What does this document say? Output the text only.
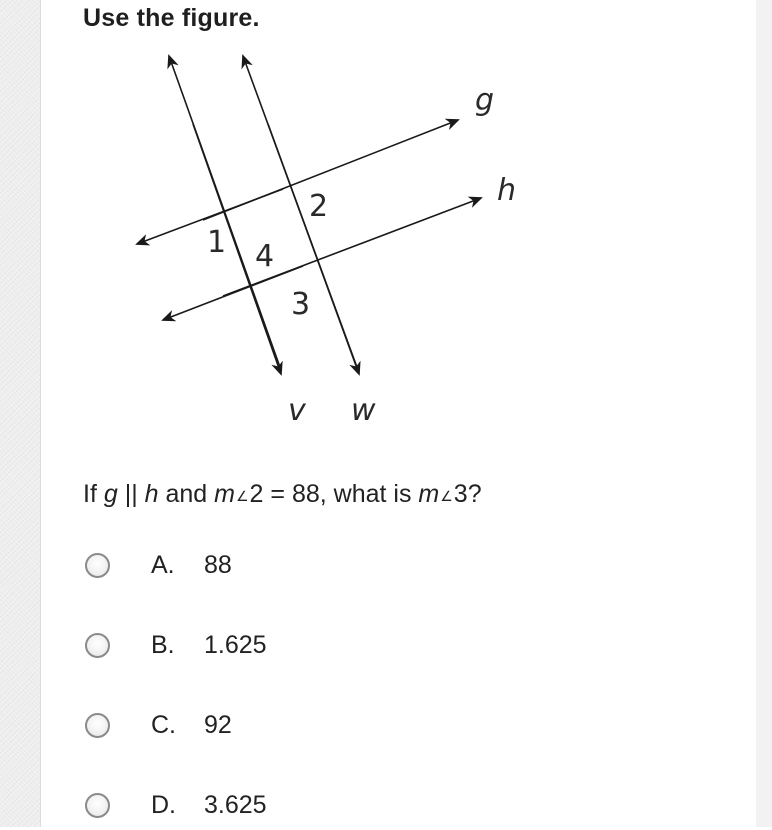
Use the figure.
g
h
v w
1 4
2
3
If g || h and m∠2 = 88, what is m∠3?
A. 88
B. 1.625
C. 92
D. 3.625
